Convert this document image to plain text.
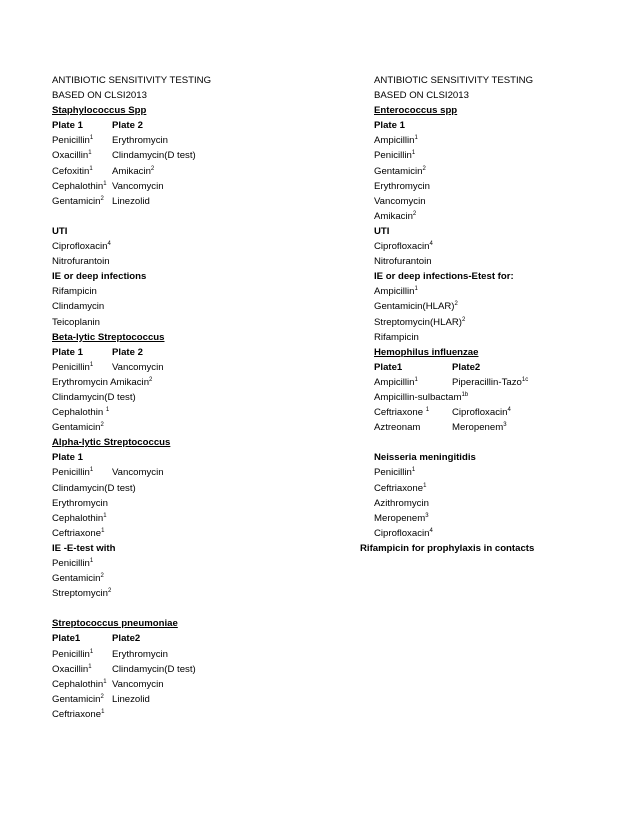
ANTIBIOTIC SENSITIVITY TESTING
BASED ON CLSI2013
Staphylococcus Spp
Plate 1	Plate 2
Penicillin$^1$ Erythromycin
Oxacillin$^1$ Clindamycin(D test)
Cefoxitin$^1$ Amikacin$^2$
Cephalothin$^1$ Vancomycin
Gentamicin$^2$ Linezolid
UTI
Ciprofloxacin$^4$
Nitrofurantoin
IE or deep infections
Rifampicin
Clindamycin
Teicoplanin
Beta-lytic Streptococcus
Plate 1	Plate 2
Penicillin$^1$ Vancomycin
Erythromycin Amikacin$^2$
Clindamycin(D test)
Cephalothin $^1$
Gentamicin$^2$
Alpha-lytic Streptococcus
Plate 1
Penicillin$^1$ Vancomycin
Clindamycin(D test)
Erythromycin
Cephalothin$^1$
Ceftriaxone$^1$
IE -E-test with
Penicillin$^1$
Gentamicin$^2$
Streptomycin$^2$
Streptococcus pneumoniae
Plate1	Plate2
Penicillin$^1$ Erythromycin
Oxacillin$^1$ Clindamycin(D test)
Cephalothin$^1$ Vancomycin
Gentamicin$^2$ Linezolid
Ceftriaxone$^1$
ANTIBIOTIC SENSITIVITY TESTING
BASED ON CLSI2013
Enterococcus spp
Plate 1
Ampicillin$^1$
Penicillin$^1$
Gentamicin$^2$
Erythromycin
Vancomycin
Amikacin$^2$
UTI
Ciprofloxacin$^4$
Nitrofurantoin
IE or deep infections-Etest for:
Ampicillin$^1$
Gentamicin(HLAR)$^2$
Streptomycin(HLAR)$^2$
Rifampicin
Hemophilus influenzae
Plate1	Plate2
Ampicillin$^1$	Piperacillin-Tazo$^{1c}$
Ampicillin-sulbactam$^{1b}$
Ceftriaxone $^1$ Ciprofloxacin$^4$
Aztreonam	Meropenem$^3$
Neisseria meningitidis
Penicillin$^1$
Ceftriaxone$^1$
Azithromycin
Meropenem$^3$
Ciprofloxacin$^4$
Rifampicin for prophylaxis in contacts
